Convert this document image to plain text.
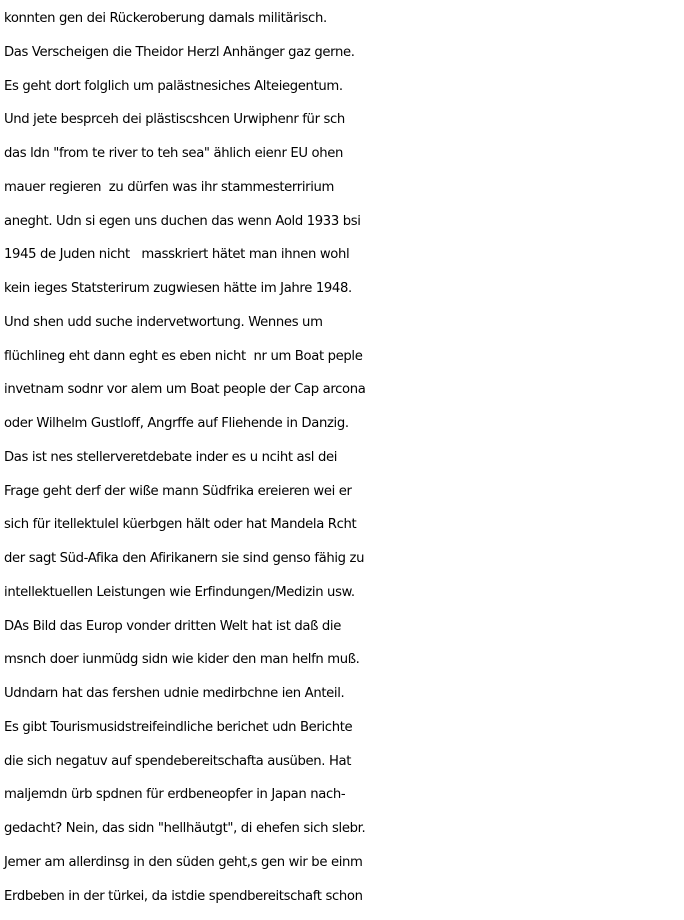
konnten gen dei Rückeroberung damals militärisch.
Das Verscheigen die Theidor Herzl Anhänger gaz gerne.
Es geht dort folglich um palästnesiches Alteiegentum.
Und jete besprceh dei plästiscshcen Urwiphenr für sch
das ldn "from te river to teh sea" ählich eienr EU ohen
mauer regieren  zu dürfen was ihr stammesterririum
aneght. Udn si egen uns duchen das wenn Aold 1933 bsi
1945 de Juden nicht   masskriert hätet man ihnen wohl
kein ieges Statsterirum zugwiesen hätte im Jahre 1948.
Und shen udd suche indervetwortung. Wennes um
flüchlineg eht dann eght es eben nicht  nr um Boat peple
invetnam sodnr vor alem um Boat people der Cap arcona
oder Wilhelm Gustloff, Angrffe auf Fliehende in Danzig.
Das ist nes stellerveretdebate inder es u nciht asl dei
Frage geht derf der wiße mann Südfrika ereieren wei er
sich für itellektulel küerbgen hält oder hat Mandela Rcht
der sagt Süd-Afika den Afirikanern sie sind genso fähig zu
intellektuellen Leistungen wie Erfindungen/Medizin usw.
DAs Bild das Europ vonder dritten Welt hat ist daß die
msnch doer iunmüdg sidn wie kider den man helfn muß.
Udndarn hat das fershen udnie medirbchne ien Anteil.
Es gibt Tourismusidstreifeindliche berichet udn Berichte
die sich negatuv auf spendebereitschafta ausüben. Hat
maljemdn ürb spdnen für erdbeneopfer in Japan nach-
gedacht? Nein, das sidn "hellhäutgt", di ehefen sich slebr.
Jemer am allerdinsg in den süden geht,s gen wir be einm
Erdbeben in der türkei, da istdie spendbereitschaft schon
